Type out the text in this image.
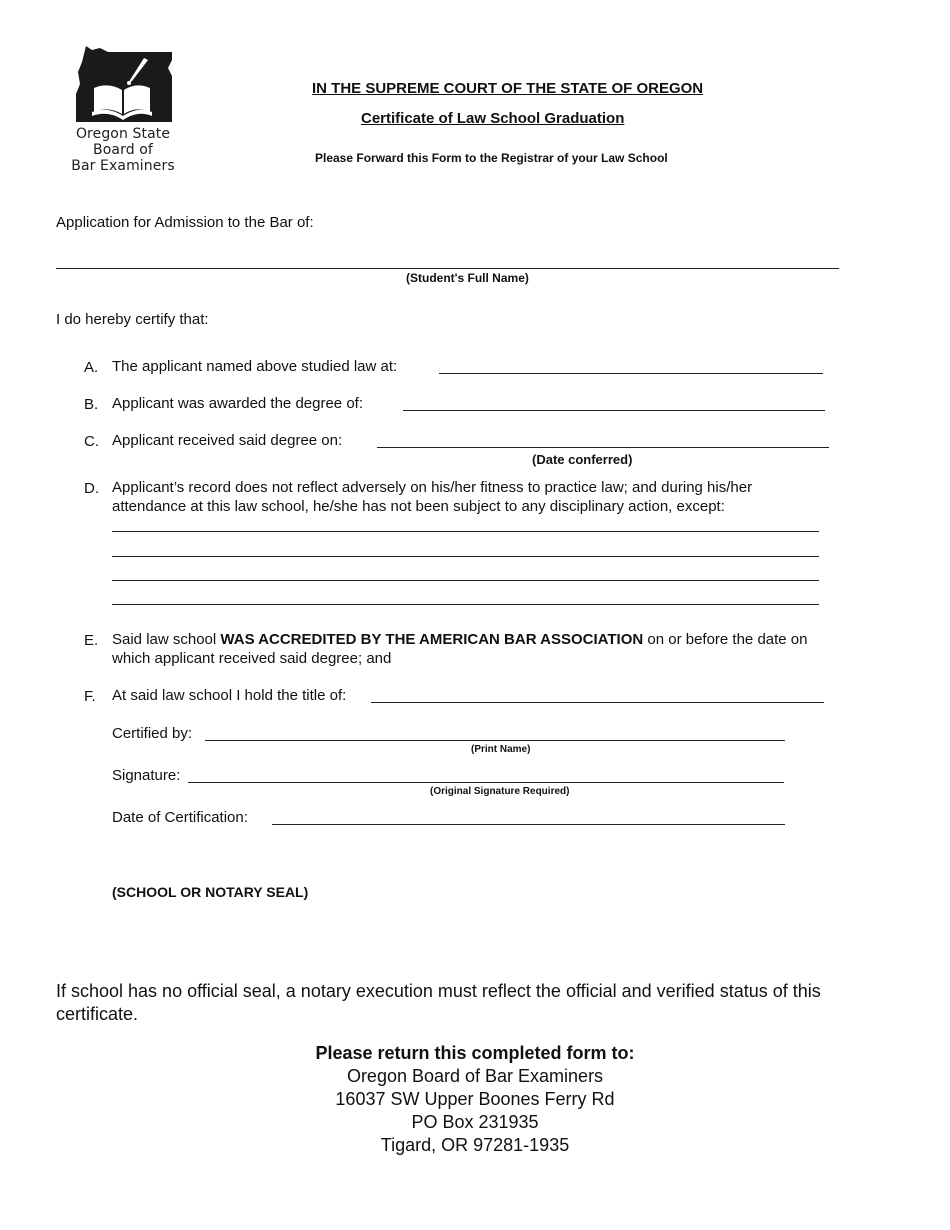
Oregon State
Board of
Bar Examiners
IN THE SUPREME COURT OF THE STATE OF OREGON
Certificate of Law School Graduation
Please Forward this Form to the Registrar of your Law School
Application for Admission to the Bar of:
(Student's Full Name)
I do hereby certify that:
A. The applicant named above studied law at:
B. Applicant was awarded the degree of:
C. Applicant received said degree on:
(Date conferred)
D. Applicant’s record does not reflect adversely on his/her fitness to practice law; and during his/her
attendance at this law school, he/she has not been subject to any disciplinary action, except:
E. Said law school WAS ACCREDITED BY THE AMERICAN BAR ASSOCIATION on or before the date on
which applicant received said degree; and
F. At said law school I hold the title of:
Certified by:
(Print Name)
Signature:
(Original Signature Required)
Date of Certification:
(SCHOOL OR NOTARY SEAL)
If school has no official seal, a notary execution must reflect the official and verified status of this certificate.
Please return this completed form to:
Oregon Board of Bar Examiners
16037 SW Upper Boones Ferry Rd
PO Box 231935
Tigard, OR 97281-1935
